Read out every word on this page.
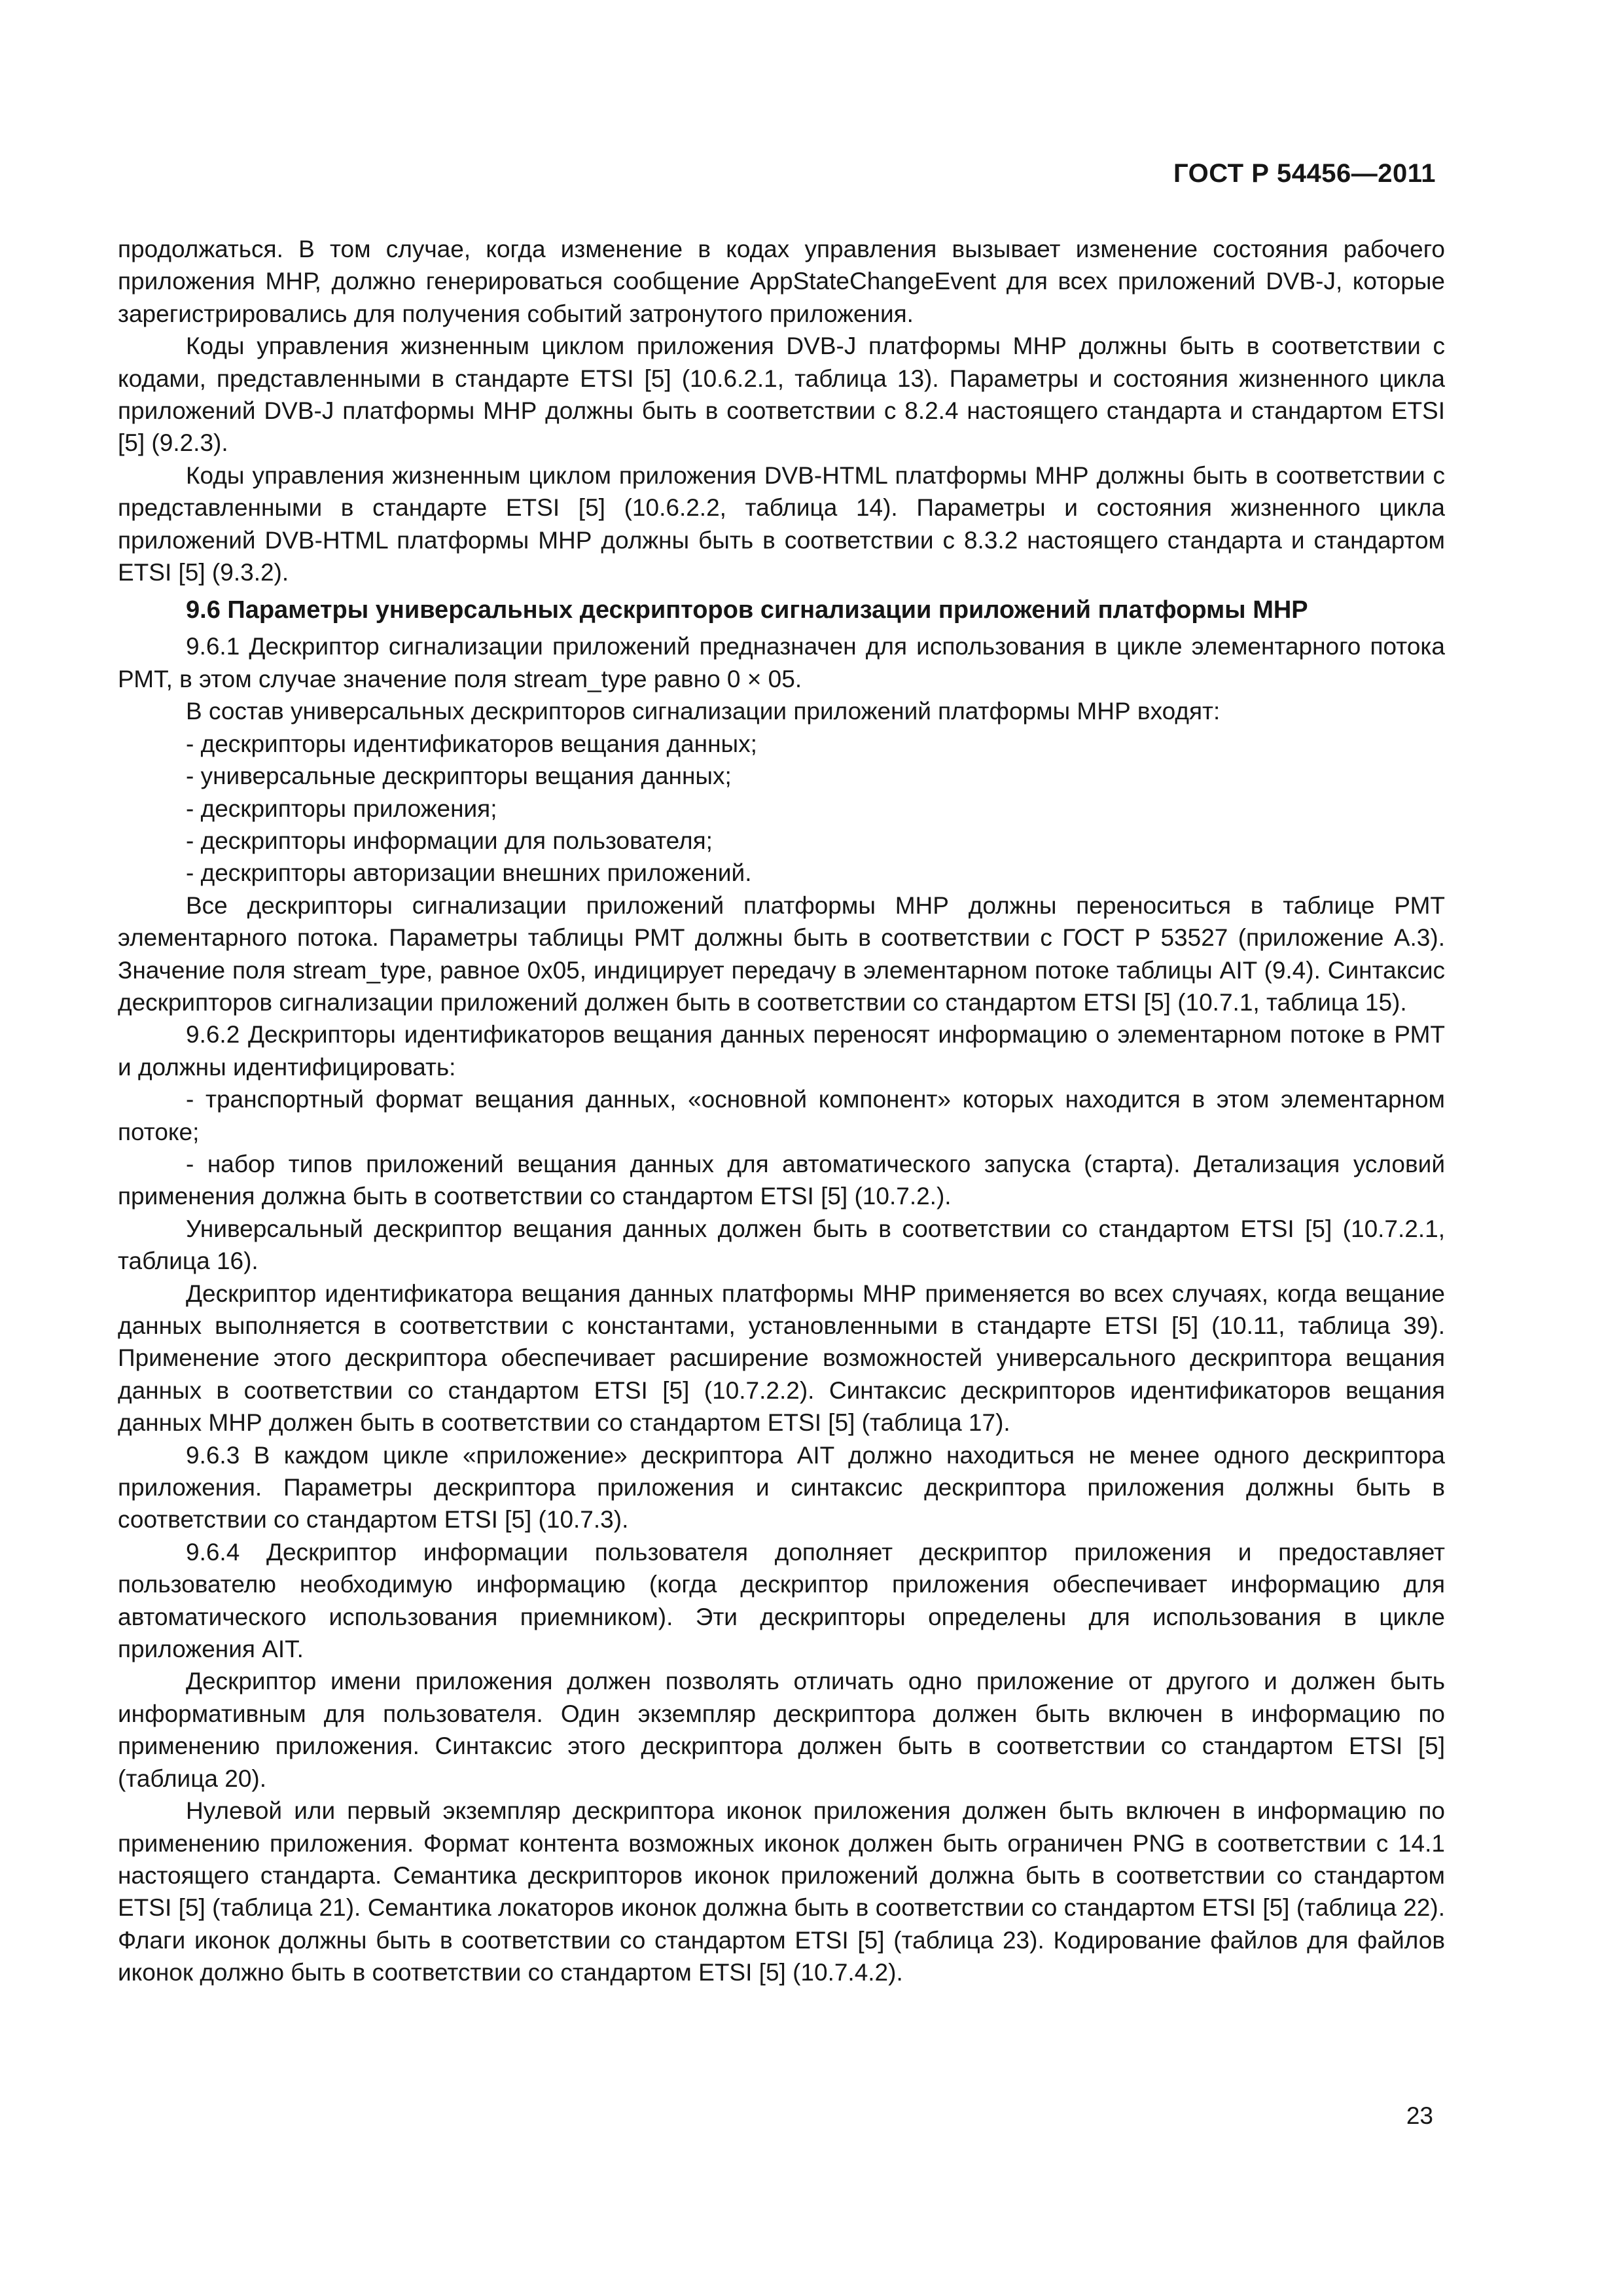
ГОСТ Р 54456—2011

продолжаться. В том случае, когда изменение в кодах управления вызывает изменение состояния рабочего приложения МНР, должно генерироваться сообщение AppStateChangeEvent для всех приложений DVB-J, которые зарегистрировались для получения событий затронутого приложения.

Коды управления жизненным циклом приложения DVB-J платформы МНР должны быть в соответствии с кодами, представленными в стандарте ETSI [5] (10.6.2.1, таблица 13). Параметры и состояния жизненного цикла приложений DVB-J платформы МНР должны быть в соответствии с 8.2.4 настоящего стандарта и стандартом ETSI [5] (9.2.3).

Коды управления жизненным циклом приложения DVB-HTML платформы МНР должны быть в соответствии с представленными в стандарте ETSI [5] (10.6.2.2, таблица 14). Параметры и состояния жизненного цикла приложений DVB-HTML платформы МНР должны быть в соответствии с 8.3.2 настоящего стандарта и стандартом ETSI [5] (9.3.2).

9.6 Параметры универсальных дескрипторов сигнализации приложений платформы МНР

9.6.1 Дескриптор сигнализации приложений предназначен для использования в цикле элементарного потока РМТ, в этом случае значение поля stream_type равно 0 × 05.

В состав универсальных дескрипторов сигнализации приложений платформы МНР входят:

- дескрипторы идентификаторов вещания данных;
- универсальные дескрипторы вещания данных;
- дескрипторы приложения;
- дескрипторы информации для пользователя;
- дескрипторы авторизации внешних приложений.

Все дескрипторы сигнализации приложений платформы МНР должны переноситься в таблице РМТ элементарного потока. Параметры таблицы РМТ должны быть в соответствии с ГОСТ Р 53527 (приложение А.3). Значение поля stream_type, равное 0x05, индицирует передачу в элементарном потоке таблицы AIT (9.4). Синтаксис дескрипторов сигнализации приложений должен быть в соответствии со стандартом ETSI [5] (10.7.1, таблица 15).

9.6.2 Дескрипторы идентификаторов вещания данных переносят информацию о элементарном потоке в РМТ и должны идентифицировать:

- транспортный формат вещания данных, «основной компонент» которых находится в этом элементарном потоке;
- набор типов приложений вещания данных для автоматического запуска (старта). Детализация условий применения должна быть в соответствии со стандартом ETSI [5] (10.7.2.).

Универсальный дескриптор вещания данных должен быть в соответствии со стандартом ETSI [5] (10.7.2.1, таблица 16).

Дескриптор идентификатора вещания данных платформы МНР применяется во всех случаях, когда вещание данных выполняется в соответствии с константами, установленными в стандарте ETSI [5] (10.11, таблица 39). Применение этого дескриптора обеспечивает расширение возможностей универсального дескриптора вещания данных в соответствии со стандартом ETSI [5] (10.7.2.2). Синтаксис дескрипторов идентификаторов вещания данных МНР должен быть в соответствии со стандартом ETSI [5] (таблица 17).

9.6.3 В каждом цикле «приложение» дескриптора AIT должно находиться не менее одного дескриптора приложения. Параметры дескриптора приложения и синтаксис дескриптора приложения должны быть в соответствии со стандартом ETSI [5] (10.7.3).

9.6.4 Дескриптор информации пользователя дополняет дескриптор приложения и предоставляет пользователю необходимую информацию (когда дескриптор приложения обеспечивает информацию для автоматического использования приемником). Эти дескрипторы определены для использования в цикле приложения AIT.

Дескриптор имени приложения должен позволять отличать одно приложение от другого и должен быть информативным для пользователя. Один экземпляр дескриптора должен быть включен в информацию по применению приложения. Синтаксис этого дескриптора должен быть в соответствии со стандартом ETSI [5] (таблица 20).

Нулевой или первый экземпляр дескриптора иконок приложения должен быть включен в информацию по применению приложения. Формат контента возможных иконок должен быть ограничен PNG в соответствии с 14.1 настоящего стандарта. Семантика дескрипторов иконок приложений должна быть в соответствии со стандартом ETSI [5] (таблица 21). Семантика локаторов иконок должна быть в соответствии со стандартом ETSI [5] (таблица 22). Флаги иконок должны быть в соответствии со стандартом ETSI [5] (таблица 23). Кодирование файлов для файлов иконок должно быть в соответствии со стандартом ETSI [5] (10.7.4.2).

23
